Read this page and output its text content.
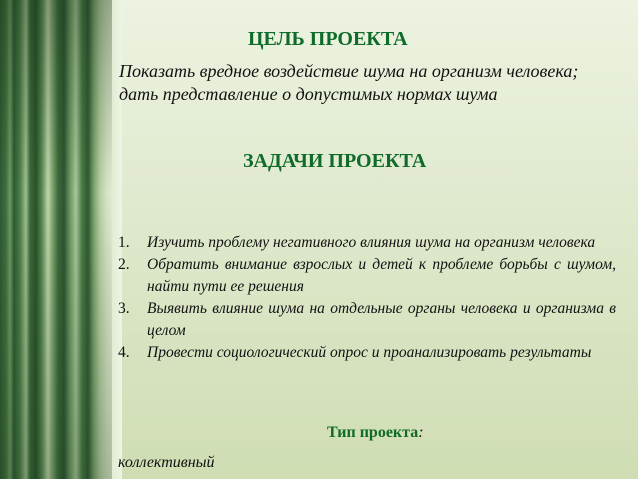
ЦЕЛЬ ПРОЕКТА
Показать вредное воздействие шума на организм человека; дать представление о допустимых нормах шума
ЗАДАЧИ ПРОЕКТА
1. Изучить проблему негативного влияния шума на организм человека
2. Обратить внимание взрослых и детей к проблеме борьбы с шумом, найти пути ее решения
3. Выявить влияние шума на отдельные органы человека и организма в целом
4. Провести социологический опрос и проанализировать результаты
Тип проекта:
коллективный
